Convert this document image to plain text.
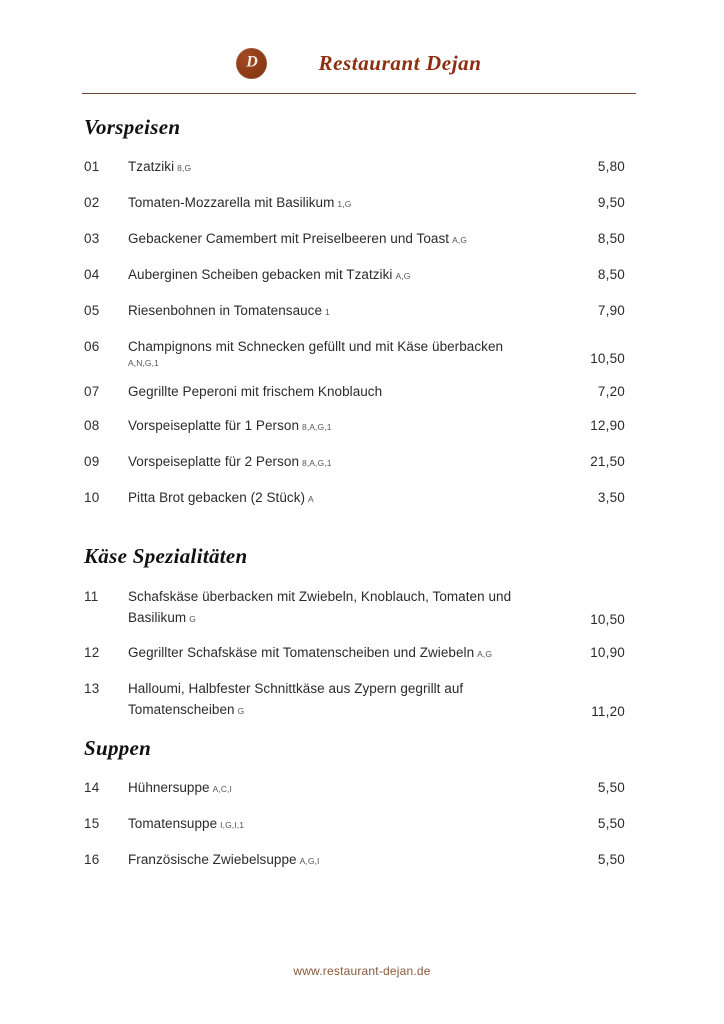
D	Restaurant Dejan
Vorspeisen
01	Tzatziki 8,G	5,80
02	Tomaten-Mozzarella mit Basilikum 1,G	9,50
03	Gebackener Camembert mit Preiselbeeren und Toast A,G	8,50
04	Auberginen Scheiben gebacken mit Tzatziki A,G	8,50
05	Riesenbohnen in Tomatensauce 1	7,90
06	Champignons mit Schnecken gefüllt und mit Käse überbacken
A,N,G,1	10,50
07	Gegrillte Peperoni mit frischem Knoblauch	7,20
08	Vorspeiseplatte für 1 Person 8,A,G,1	12,90
09	Vorspeiseplatte für 2 Person 8,A,G,1	21,50
10	Pitta Brot gebacken (2 Stück) A	3,50
Käse Spezialitäten
11	Schafskäse überbacken mit Zwiebeln, Knoblauch, Tomaten und
Basilikum G	10,50
12	Gegrillter Schafskäse mit Tomatenscheiben und Zwiebeln A,G	10,90
13	Halloumi, Halbfester Schnittkäse aus Zypern gegrillt auf
Tomatenscheiben G	11,20
Suppen
14	Hühnersuppe A,C,I	5,50
15	Tomatensuppe I,G,I,1	5,50
16	Französische Zwiebelsuppe A,G,I	5,50
www.restaurant-dejan.de
